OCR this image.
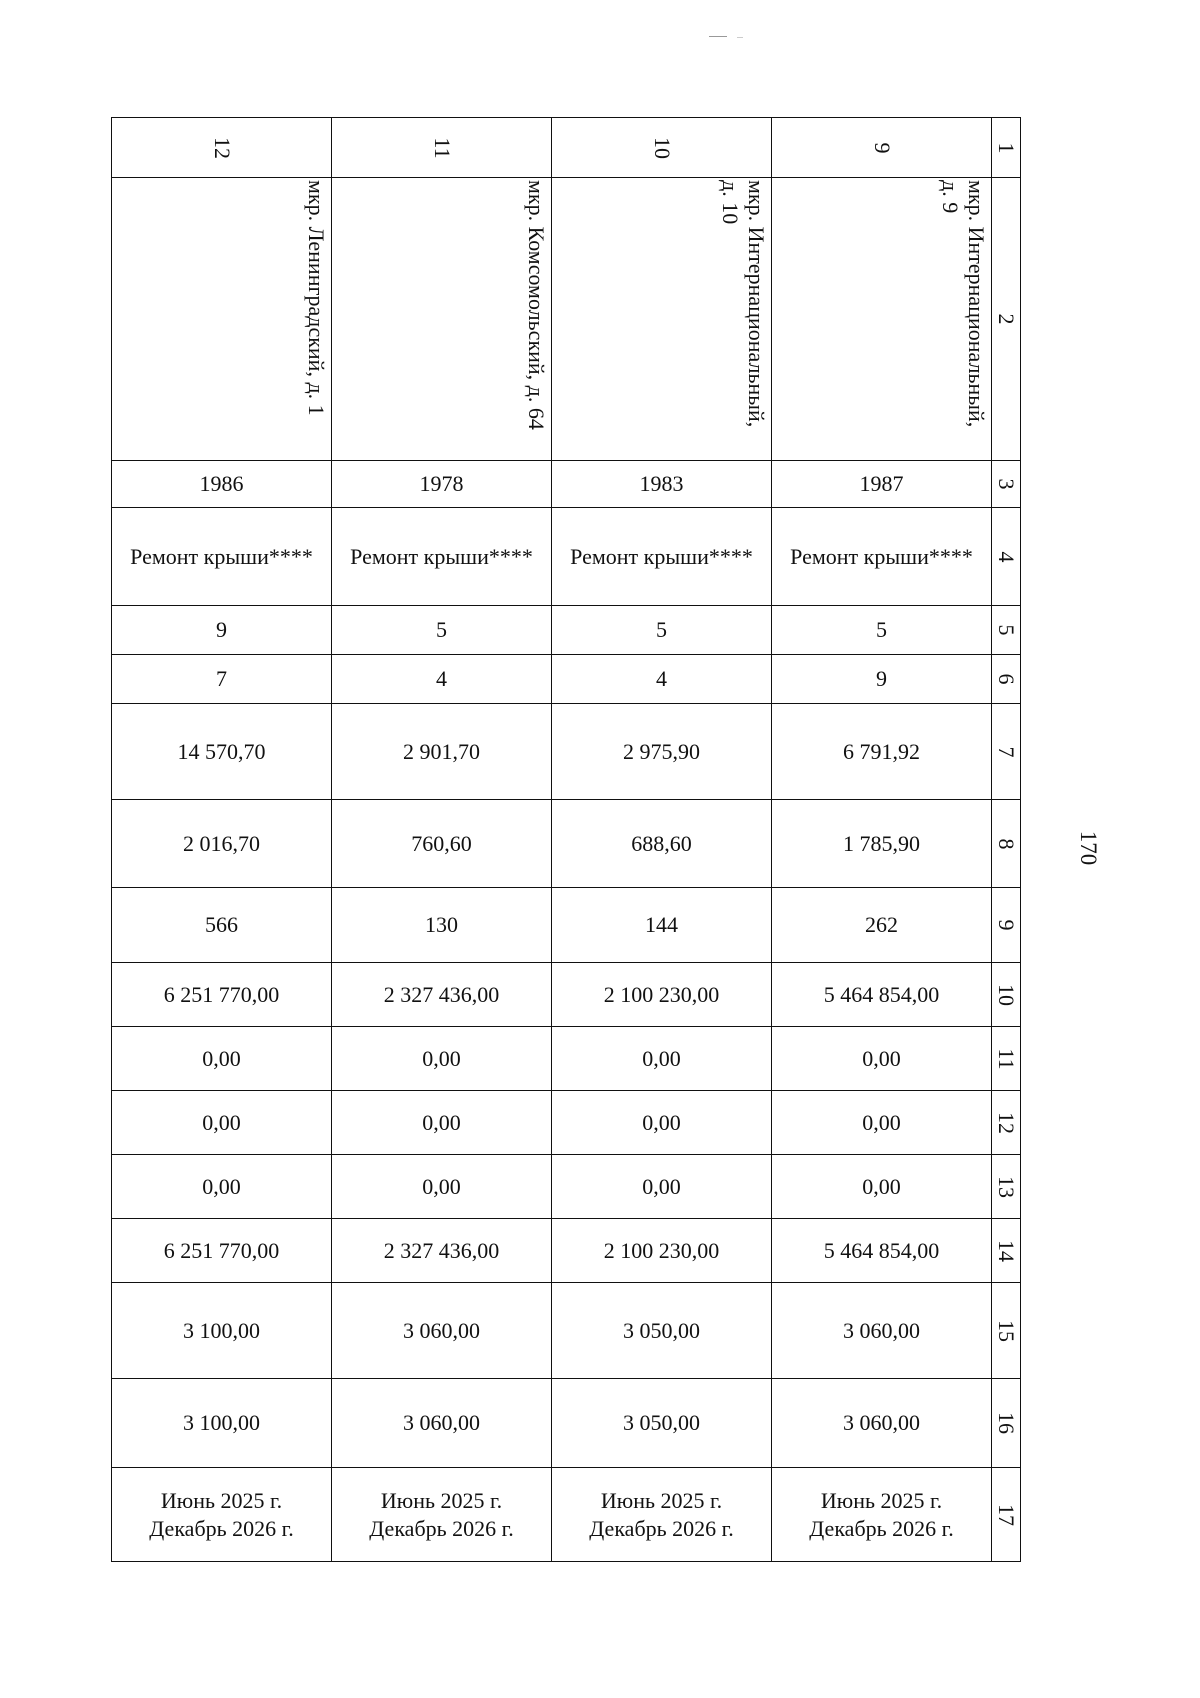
170
12	11	10	9	1

мкр. Ленинградский, д. 1	мкр. Комсомольский, д. 64	мкр. Интернациональный,
д. 10	мкр. Интернациональный,
д. 9	2

1986	1978	1983	1987	3

Ремонт крыши****	Ремонт крыши****	Ремонт крыши****	Ремонт крыши****	4

9	5	5	5	5

7	4	4	9	6

14 570,70	2 901,70	2 975,90	6 791,92	7

2 016,70	760,60	688,60	1 785,90	8

566	130	144	262	9

6 251 770,00	2 327 436,00	2 100 230,00	5 464 854,00	10

0,00	0,00	0,00	0,00	11

0,00	0,00	0,00	0,00	12

0,00	0,00	0,00	0,00	13

6 251 770,00	2 327 436,00	2 100 230,00	5 464 854,00	14

3 100,00	3 060,00	3 050,00	3 060,00	15

3 100,00	3 060,00	3 050,00	3 060,00	16

Июнь 2025 г.
Декабрь 2026 г.	Июнь 2025 г.
Декабрь 2026 г.	Июнь 2025 г.
Декабрь 2026 г.	Июнь 2025 г.
Декабрь 2026 г.	17
